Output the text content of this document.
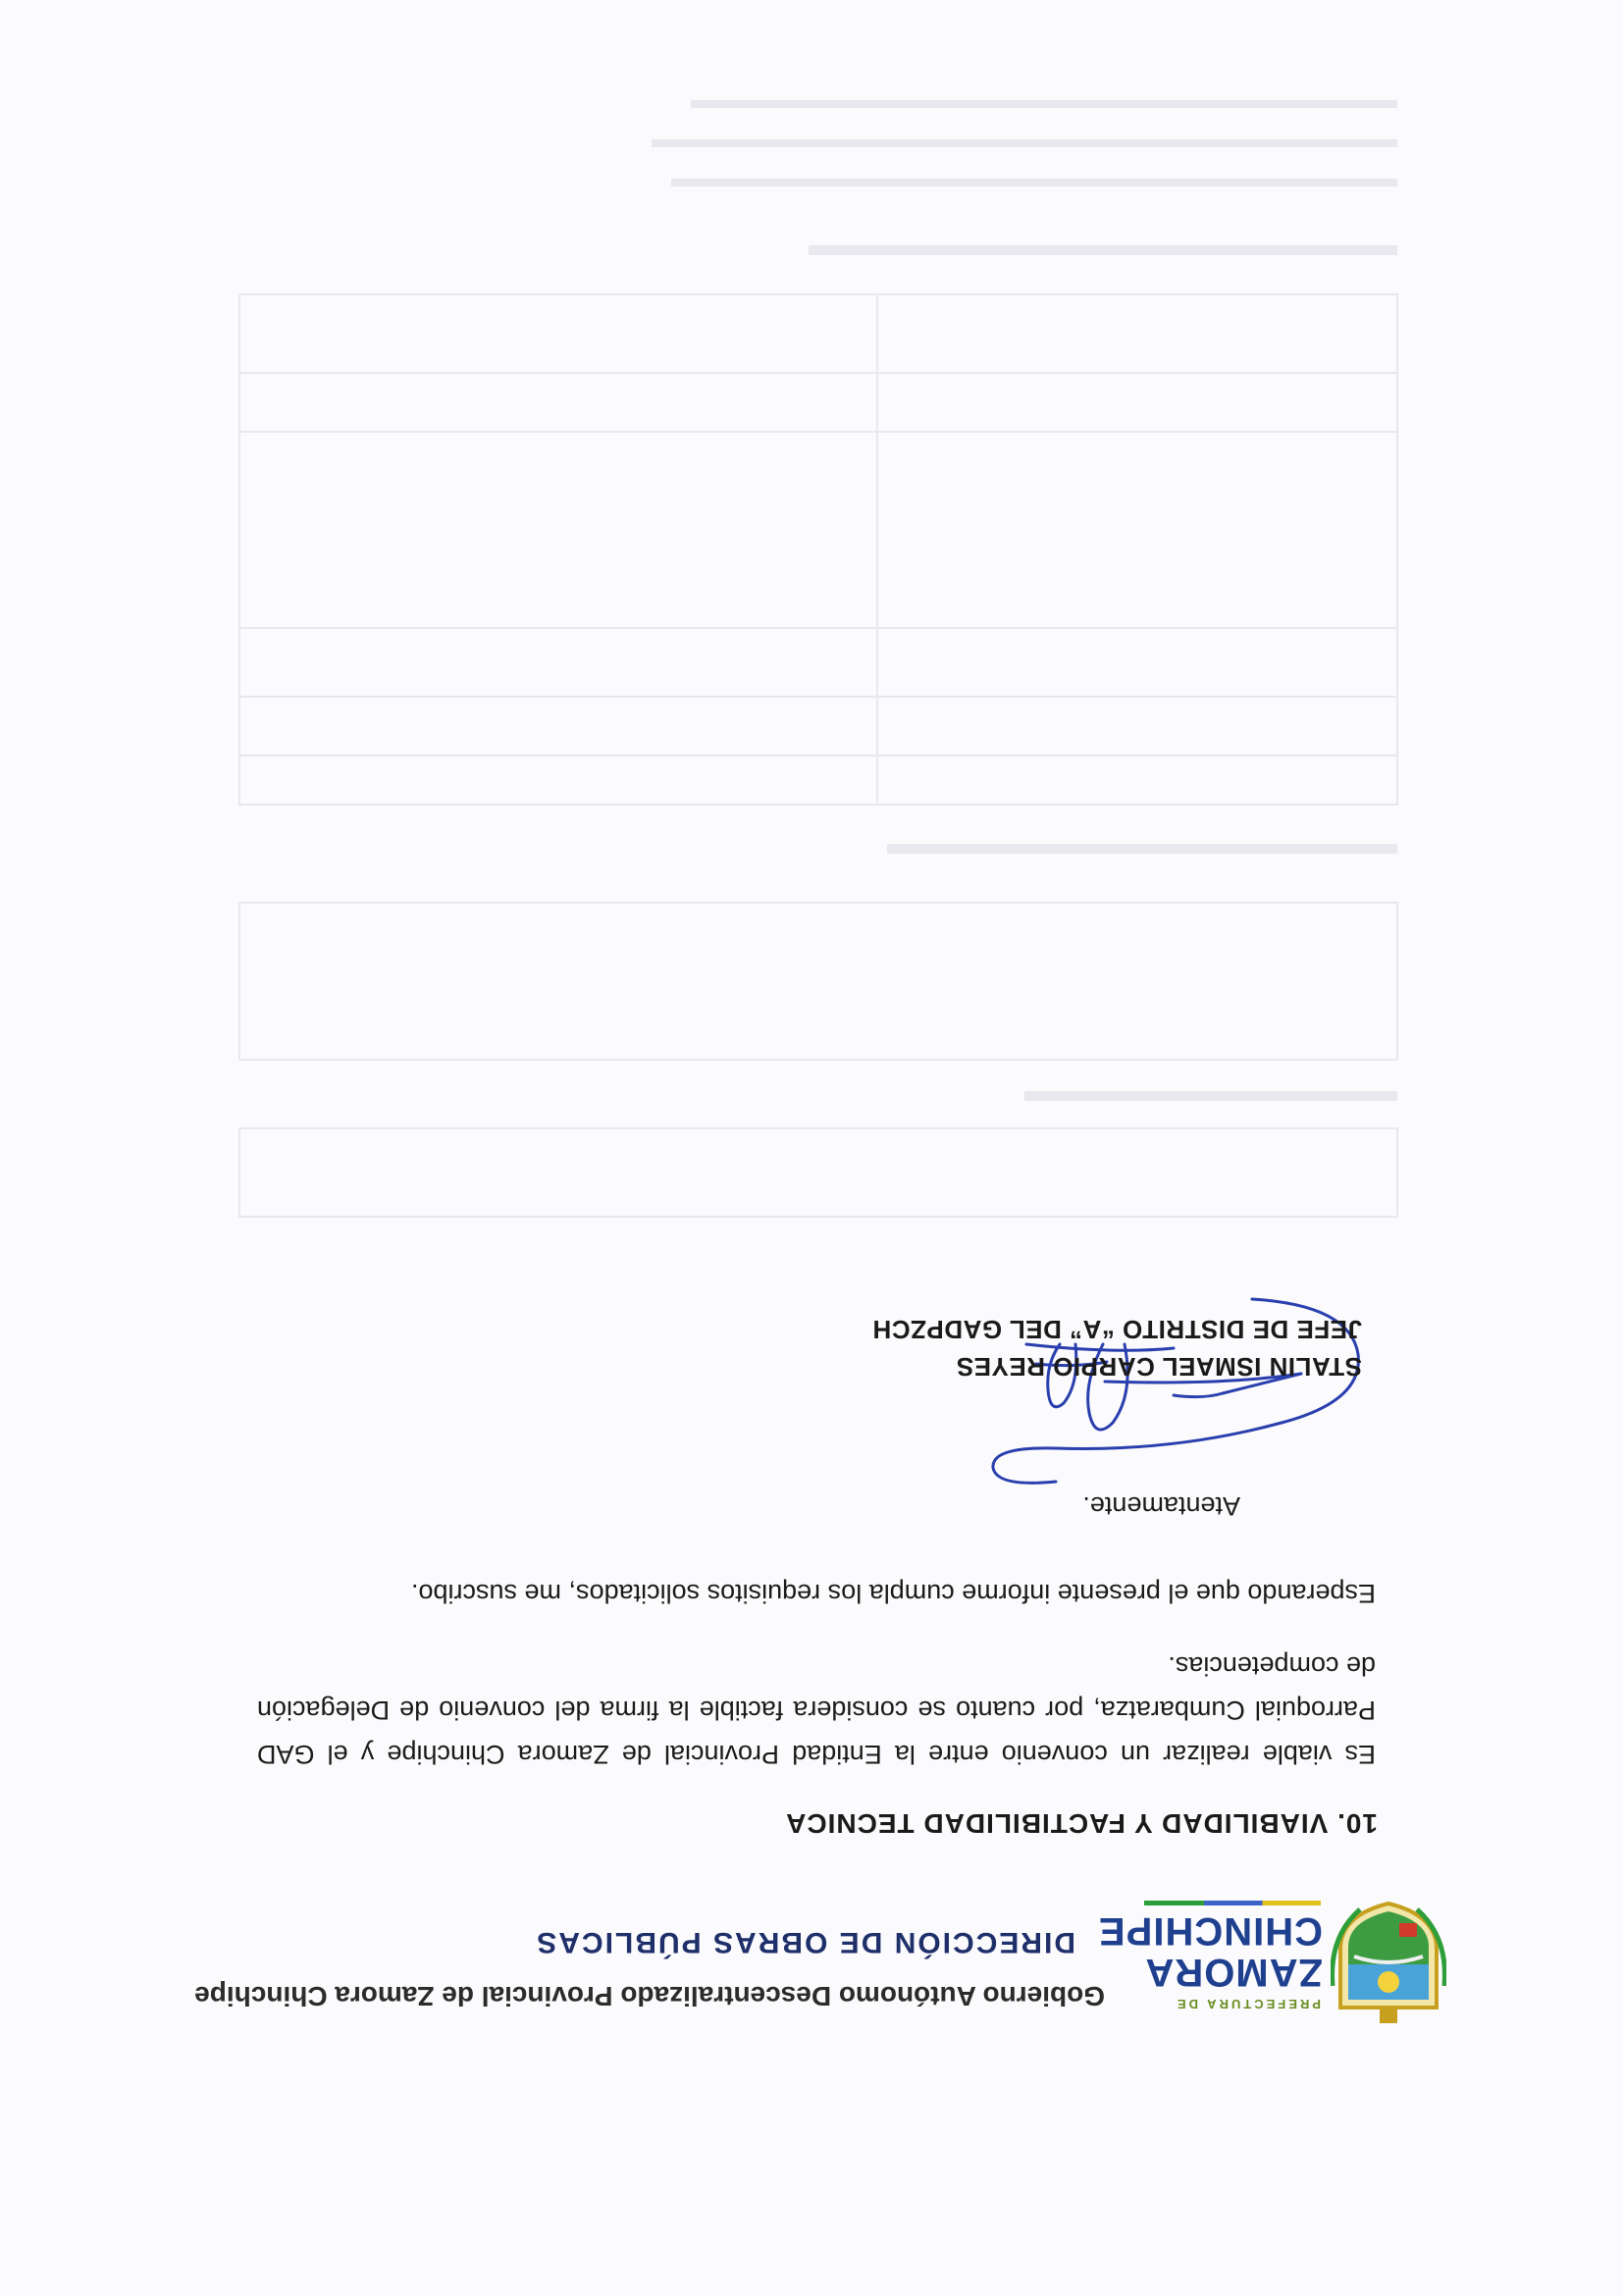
PREFECTURA DE
ZAMORA
CHINCHIPE
Gobierno Autónomo Descentralizado Provincial de Zamora Chinchipe
DIRECCIÓN DE OBRAS PÚBLICAS
10. VIABILIDAD Y FACTIBILIDAD TECNICA

Es viable realizar un convenio entre la Entidad Provincial de Zamora Chinchipe y el GAD Parroquial Cumbaratza, por cuanto se considera factible la firma del convenio de Delegación de competencias.

Esperando que el presente informe cumpla los requisitos solicitados, me suscribo.

Atentamente.
STALIN ISMAEL CARPIO REYES
JEFE DE DISTRITO “A” DEL GADPZCH
